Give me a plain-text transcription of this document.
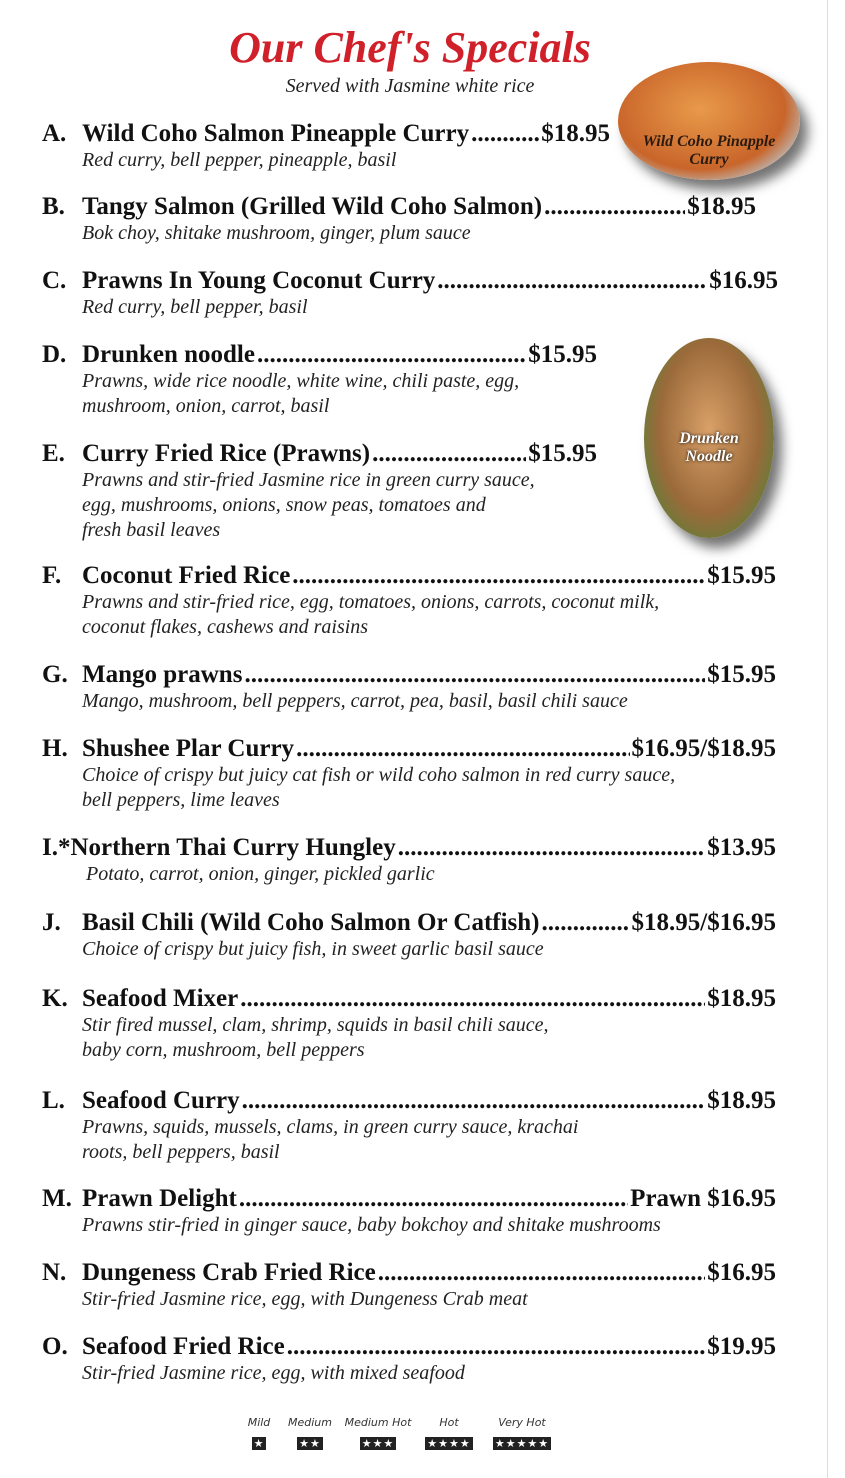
Our Chef's Specials
Served with Jasmine white rice
Wild Coho Pinapple
Curry
Drunken
Noodle
A. Wild Coho Salmon Pineapple Curry .....	$18.95
Red curry, bell pepper, pineapple, basil
B. Tangy Salmon (Grilled Wild Coho Salmon) .....	$18.95
Bok choy, shitake mushroom, ginger, plum sauce
C. Prawns In Young Coconut Curry .....	$16.95
Red curry, bell pepper, basil
D. Drunken noodle .....	$15.95
Prawns, wide rice noodle, white wine, chili paste, egg,
mushroom, onion, carrot, basil
E. Curry Fried Rice (Prawns) .....	$15.95
Prawns and stir-fried Jasmine rice in green curry sauce,
egg, mushrooms, onions, snow peas, tomatoes and
fresh basil leaves
F. Coconut Fried Rice .....	$15.95
Prawns and stir-fried rice, egg, tomatoes, onions, carrots, coconut milk,
coconut flakes, cashews and raisins
G. Mango prawns .....	$15.95
Mango, mushroom, bell peppers, carrot, pea, basil, basil chili sauce
H. Shushee Plar Curry .....	$16.95/$18.95
Choice of crispy but juicy cat fish or wild coho salmon in red curry sauce,
bell peppers, lime leaves
I.* Northern Thai Curry Hungley .....	$13.95
Potato, carrot, onion, ginger, pickled garlic
J. Basil Chili (Wild Coho Salmon Or Catfish) .....	$18.95/$16.95
Choice of crispy but juicy fish, in sweet garlic basil sauce
K. Seafood Mixer .....	$18.95
Stir fired mussel, clam, shrimp, squids in basil chili sauce,
baby corn, mushroom, bell peppers
L. Seafood Curry .....	$18.95
Prawns, squids, mussels, clams, in green curry sauce, krachai
roots, bell peppers, basil
M. Prawn Delight .....	Prawn $16.95
Prawns stir-fried in ginger sauce, baby bokchoy and shitake mushrooms
N. Dungeness Crab Fried Rice .....	$16.95
Stir-fried Jasmine rice, egg, with Dungeness Crab meat
O. Seafood Fried Rice .....	$19.95
Stir-fried Jasmine rice, egg, with mixed seafood
Mild
★
Medium
★★
Medium Hot
★★★
Hot
★★★★
Very Hot
★★★★★
